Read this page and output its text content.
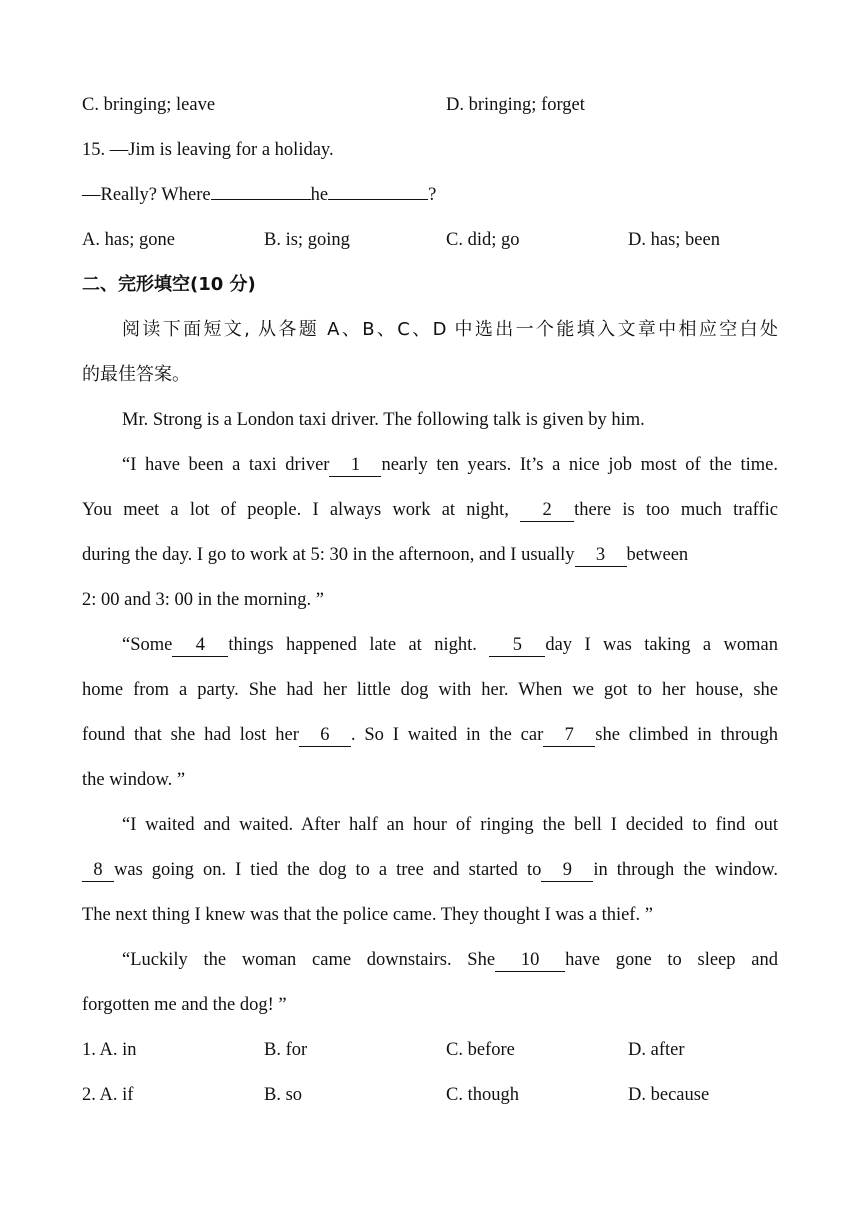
C. bringing; leave	D. bringing; forget
15. —Jim is leaving for a holiday.
—Really? Where	he	?
A. has; gone	B. is; going	C. did; go	D. has; been
二、完形填空(10 分)
阅读下面短文, 从各题 A、B、C、D 中选出一个能填入文章中相应空白处
的最佳答案。
Mr. Strong is a London taxi driver. The following talk is given by him.
“I have been a taxi driver 1 nearly ten years. It’s a nice job most of the time.
You meet a lot of people. I always work at night, 2 there is too much traffic
during the day. I go to work at 5: 30 in the afternoon, and I usually 3 between
2: 00 and 3: 00 in the morning. ”
“Some 4 things happened late at night. 5 day I was taking a woman
home from a party. She had her little dog with her. When we got to her house, she
found that she had lost her 6 . So I waited in the car 7 she climbed in through
the window. ”
“I waited and waited. After half an hour of ringing the bell I decided to find out
8 was going on. I tied the dog to a tree and started to 9 in through the window.
The next thing I knew was that the police came. They thought I was a thief. ”
“Luckily the woman came downstairs. She 10 have gone to sleep and
forgotten me and the dog! ”
1. A. in	B. for	C. before	D. after
2. A. if	B. so	C. though	D. because
